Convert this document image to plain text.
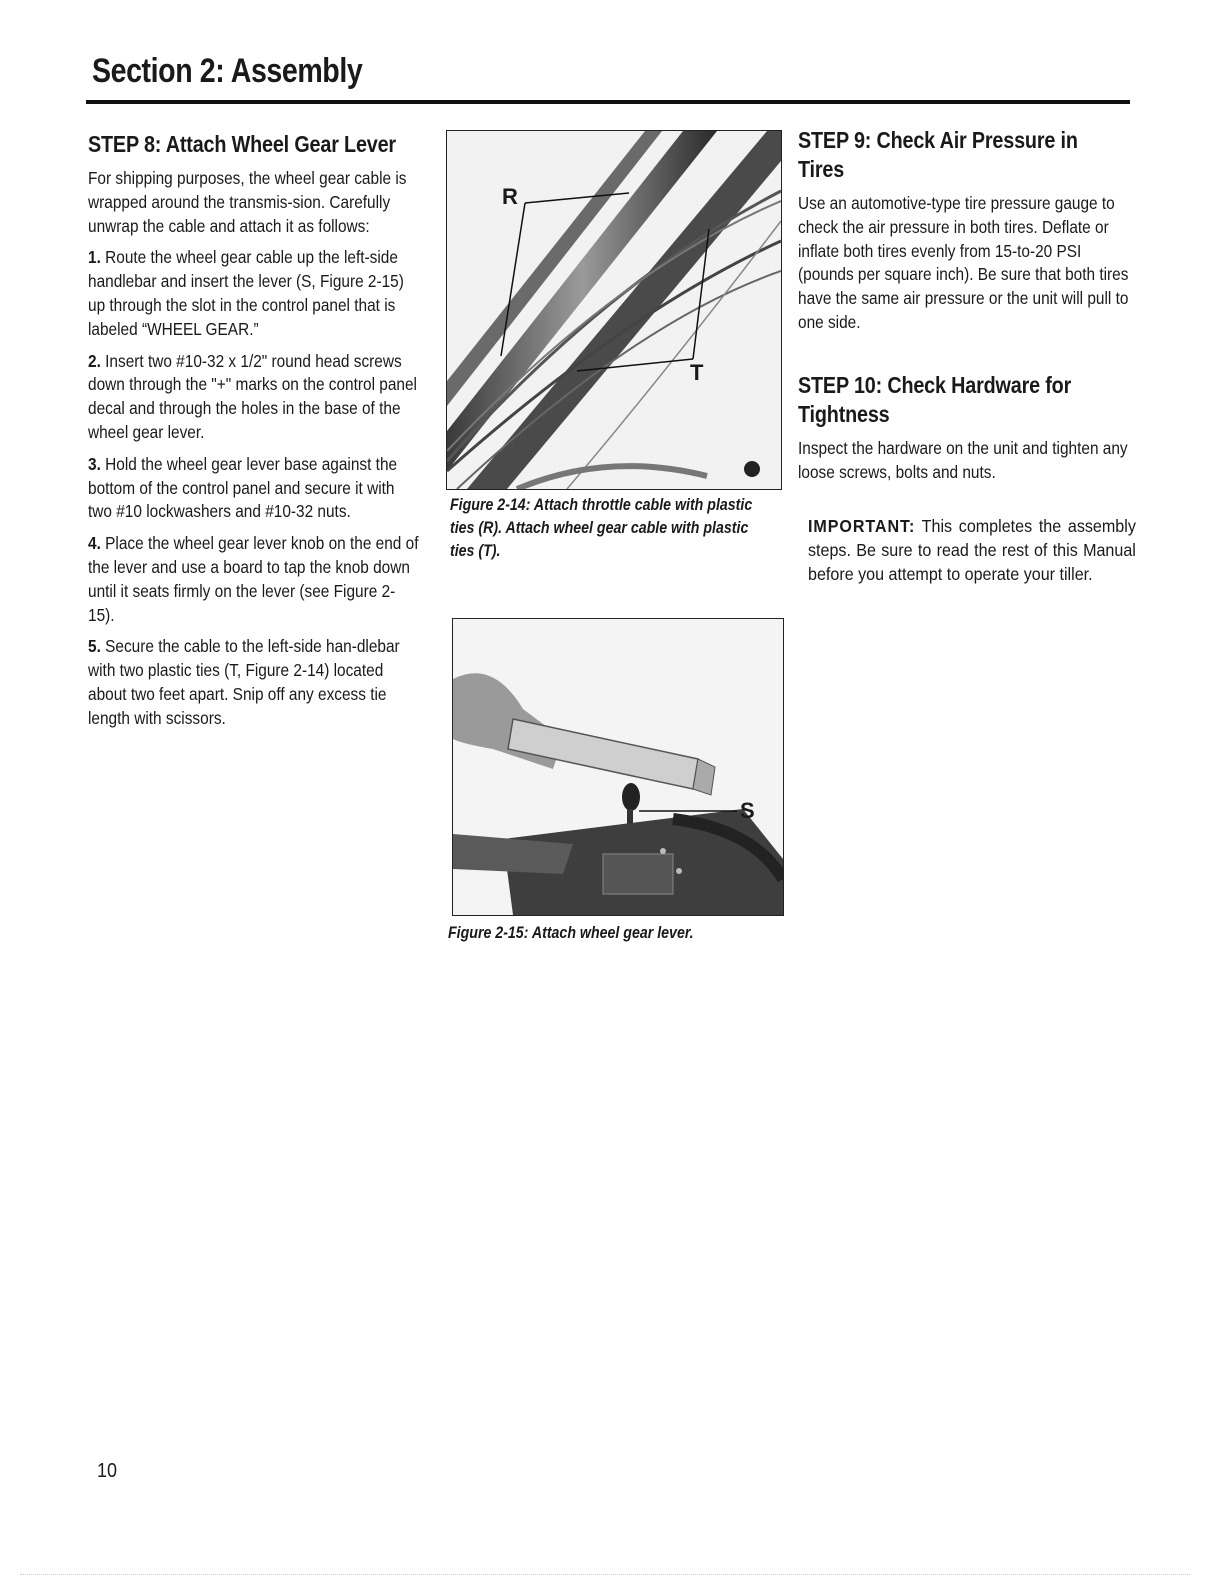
Section 2: Assembly
STEP 8: Attach Wheel Gear Lever

For shipping purposes, the wheel gear cable is wrapped around the transmis-sion. Carefully unwrap the cable and attach it as follows:

1. Route the wheel gear cable up the left-side handlebar and insert the lever (S, Figure 2-15) up through the slot in the control panel that is labeled “WHEEL GEAR.”

2. Insert two #10-32 x 1/2" round head screws down through the "+" marks on the control panel decal and through the holes in the base of the wheel gear lever.

3. Hold the wheel gear lever base against the bottom of the control panel and secure it with two #10 lockwashers and #10-32 nuts.

4. Place the wheel gear lever knob on the end of the lever and use a board to tap the knob down until it seats firmly on the lever (see Figure 2-15).

5. Secure the cable to the left-side han-dlebar with two plastic ties (T, Figure 2-14) located about two feet apart. Snip off any excess tie length with scissors.

R
T
Figure 2-14: Attach throttle cable with plastic ties (R). Attach wheel gear cable with plastic ties (T).
S
Figure 2-15: Attach wheel gear lever.
STEP 9: Check Air Pressure in Tires

Use an automotive-type tire pressure gauge to check the air pressure in both tires. Deflate or inflate both tires evenly from 15-to-20 PSI (pounds per square inch). Be sure that both tires have the same air pressure or the unit will pull to one side.

STEP 10: Check Hardware for Tightness

Inspect the hardware on the unit and tighten any loose screws, bolts and nuts.

IMPORTANT: This completes the assembly steps. Be sure to read the rest of this Manual before you attempt to operate your tiller.

10
